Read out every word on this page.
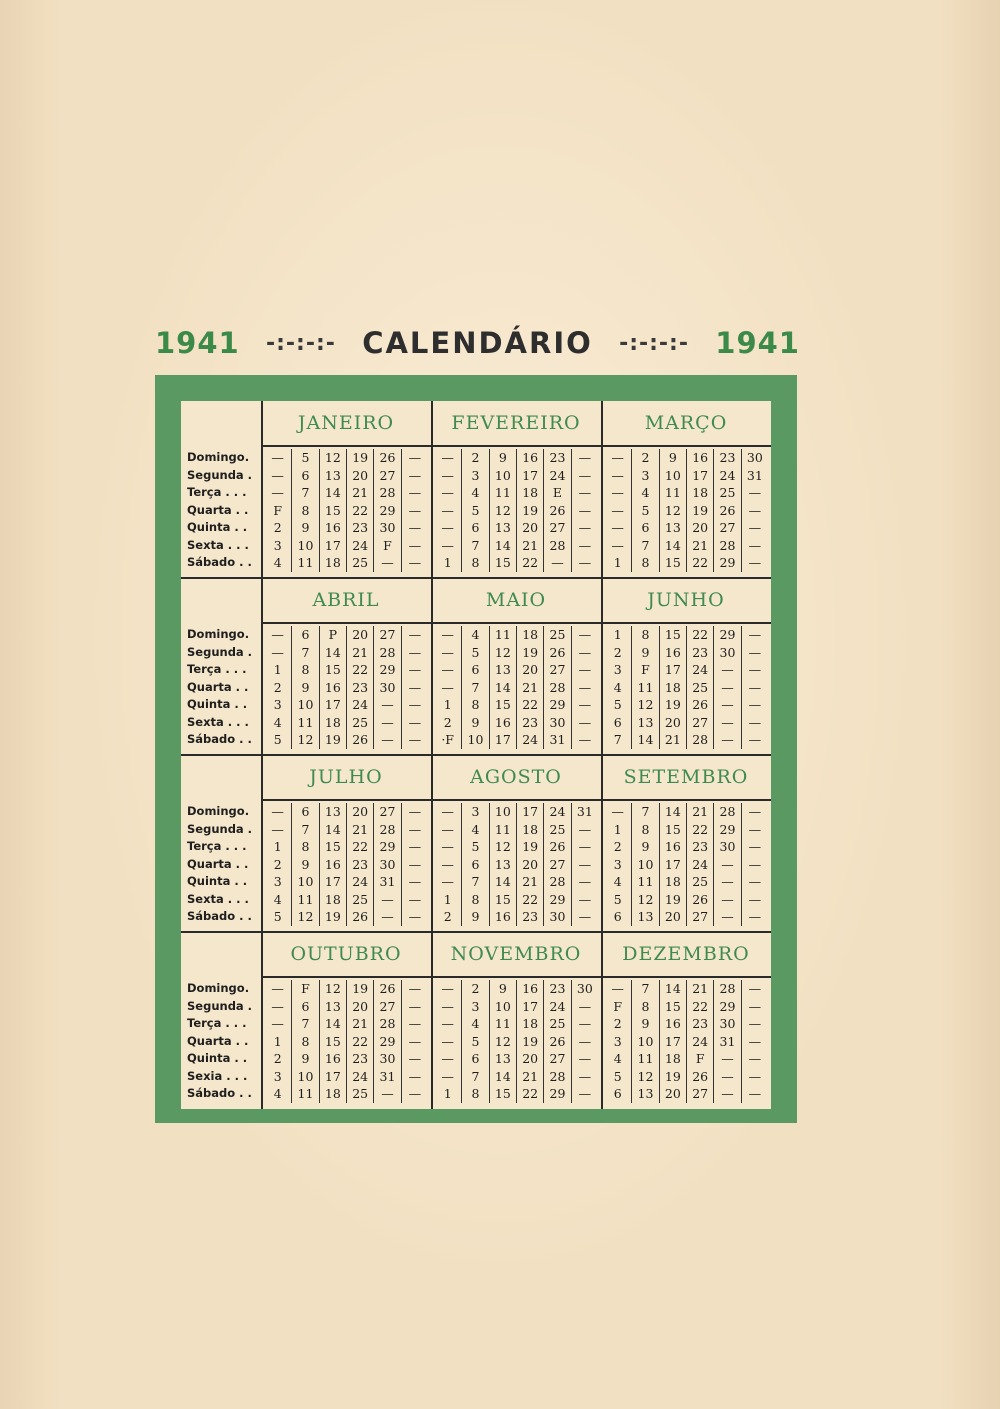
1941 -:-:-:- CALENDÁRIO -:-:-:- 1941
Domingo.
Segunda .
Terça . . .
Quarta . .
Quinta . .
Sexta . . .
Sábado . .
JANEIRO
—	5	12 19 26	—
—	6	13 20 27	—
—	7	14 21 28	—
F	8	15 22 29	—
2	9	16 23 30	—
3	10 17 24	F	—
4	11 18 25	—	—
FEVEREIRO
—	2	9	16 23	—
—	3	10 17 24	—
—	4	11 18	E	—
—	5	12 19 26	—
—	6	13 20 27	—
—	7	14 21 28	—
1	8	15 22	—	—
MARÇO
—	2	9	16 23 30
—	3	10 17 24 31
—	4	11 18 25	—
—	5	12 19 26	—
—	6	13 20 27	—
—	7	14 21 28	—
1	8	15 22 29	—
Domingo.
Segunda .
Terça . . .
Quarta . .
Quinta . .
Sexta . . .
Sábado . .
ABRIL
—	6	P	20 27	—
—	7	14 21 28	—
1	8	15 22 29	—
2	9	16 23 30	—
3	10 17 24	—	—
4	11 18 25	—	—
5	12 19 26	—	—
MAIO
—	4	11 18 25	—
—	5	12 19 26	—
—	6	13 20 27	—
—	7	14 21 28	—
1	8	15 22 29	—
2	9	16 23 30	—
·F	10 17 24 31	—
JUNHO
1	8	15 22 29	—
2	9	16 23 30	—
3	F	17 24	—	—
4	11 18 25	—	—
5	12 19 26	—	—
6	13 20 27	—	—
7	14 21 28	—	—
Domingo.
Segunda .
Terça . . .
Quarta . .
Quinta . .
Sexta . . .
Sábado . .
JULHO
—	6	13 20 27	—
—	7	14 21 28	—
1	8	15 22 29	—
2	9	16 23 30	—
3	10 17 24 31	—
4	11 18 25	—	—
5	12 19 26	—	—
AGOSTO
—	3	10 17 24 31
—	4	11 18 25	—
—	5	12 19 26	—
—	6	13 20 27	—
—	7	14 21 28	—
1	8	15 22 29	—
2	9	16 23 30	—
SETEMBRO
—	7	14 21 28	—
1	8	15 22 29	—
2	9	16 23 30	—
3	10 17 24	—	—
4	11 18 25	—	—
5	12 19 26	—	—
6	13 20 27	—	—
Domingo.
Segunda .
Terça . . .
Quarta . .
Quinta . .
Sexia . . .
Sábado . .
OUTUBRO
—	F	12 19 26	—
—	6	13 20 27	—
—	7	14 21 28	—
1	8	15 22 29	—
2	9	16 23 30	—
3	10 17 24 31	—
4	11 18 25	—	—
NOVEMBRO
—	2	9	16 23 30
—	3	10 17 24	—
—	4	11 18 25	—
—	5	12 19 26	—
—	6	13 20 27	—
—	7	14 21 28	—
1	8	15 22 29	—
DEZEMBRO
—	7	14 21 28	—
F	8	15 22 29	—
2	9	16 23 30	—
3	10 17 24 31	—
4	11 18	F	—	—
5	12 19 26	—	—
6	13 20 27	—	—
